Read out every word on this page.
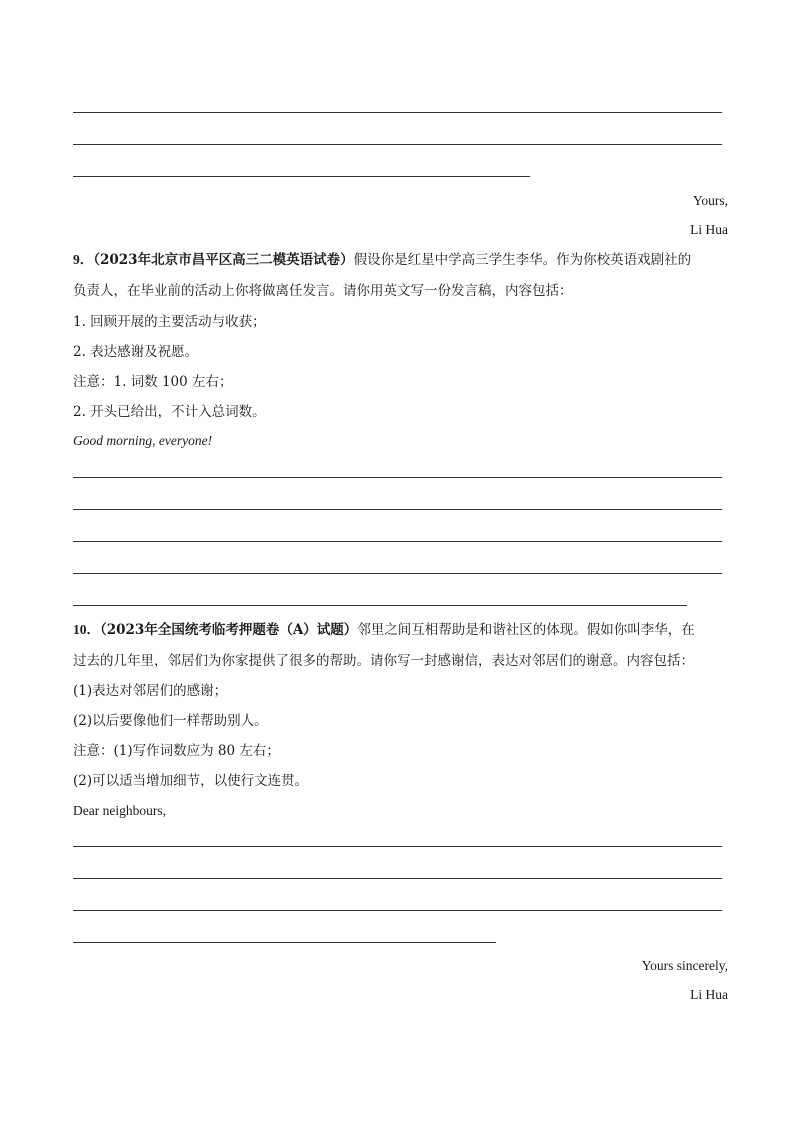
Yours,
Li Hua
9．（2023年北京市昌平区高三二模英语试卷）假设你是红星中学高三学生李华。作为你校英语戏剧社的
负责人，在毕业前的活动上你将做离任发言。请你用英文写一份发言稿，内容包括：
1. 回顾开展的主要活动与收获；
2. 表达感谢及祝愿。
注意：1. 词数 100 左右；
2. 开头已给出，不计入总词数。
Good morning, everyone!
10．（2023年全国统考临考押题卷（A）试题）邻里之间互相帮助是和谐社区的体现。假如你叫李华，在
过去的几年里，邻居们为你家提供了很多的帮助。请你写一封感谢信，表达对邻居们的谢意。内容包括：
(1)表达对邻居们的感谢；
(2)以后要像他们一样帮助别人。
注意：(1)写作词数应为 80 左右；
(2)可以适当增加细节，以使行文连贯。
Dear neighbours,
Yours sincerely,
Li Hua
